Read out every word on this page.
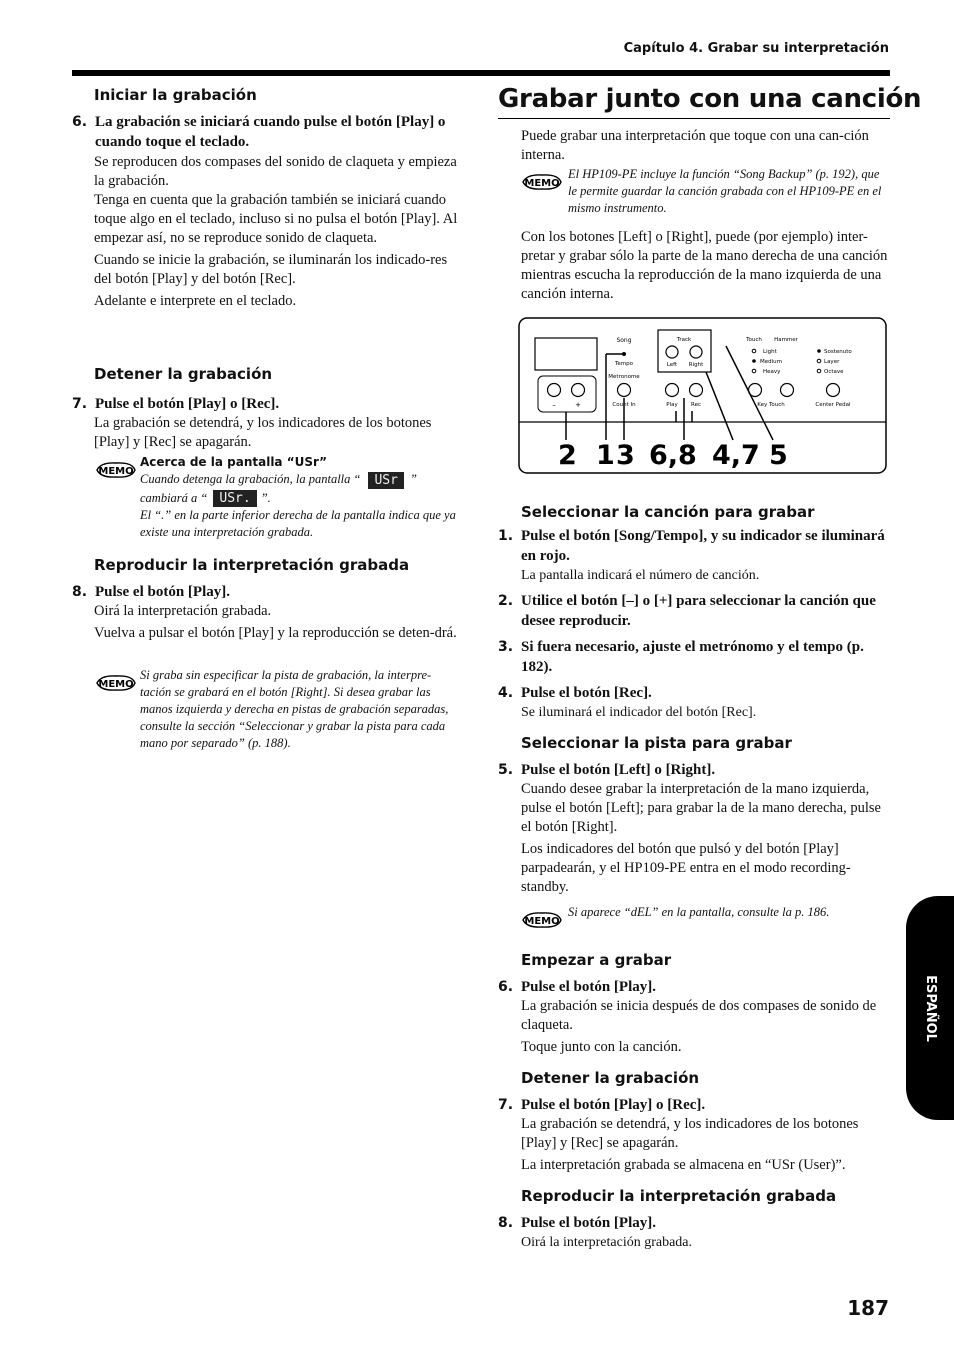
Capítulo 4. Grabar su interpretación
Iniciar la grabación
6. La grabación se iniciará cuando pulse el botón [Play] o cuando toque el teclado.
Se reproducen dos compases del sonido de claqueta y empieza la grabación.
Tenga en cuenta que la grabación también se iniciará cuando toque algo en el teclado, incluso si no pulsa el botón [Play]. Al empezar así, no se reproduce sonido de claqueta.
Cuando se inicie la grabación, se iluminarán los indicado-res del botón [Play] y del botón [Rec].
Adelante e interprete en el teclado.
Detener la grabación
7. Pulse el botón [Play] o [Rec].
La grabación se detendrá, y los indicadores de los botones [Play] y [Rec] se apagarán.
MEMO
Acerca de la pantalla “USr”
Cuando detenga la grabación, la pantalla “ USr ”
cambiará a “ USr. ”.
El “.” en la parte inferior derecha de la pantalla indica que ya existe una interpretación grabada.
Reproducir la interpretación grabada
8. Pulse el botón [Play].
Oirá la interpretación grabada.
Vuelva a pulsar el botón [Play] y la reproducción se deten-drá.
MEMO
Si graba sin especificar la pista de grabación, la interpre-tación se grabará en el botón [Right]. Si desea grabar las manos izquierda y derecha en pistas de grabación separadas, consulte la sección “Seleccionar y grabar la pista para cada mano por separado” (p. 188).
Grabar junto con una canción
Puede grabar una interpretación que toque con una can-ción interna.
MEMO
El HP109-PE incluye la función “Song Backup” (p. 192), que le permite guardar la canción grabada con el HP109-PE en el mismo instrumento.
Con los botones [Left] o [Right], puede (por ejemplo) inter-pretar y grabar sólo la parte de la mano derecha de una canción mientras escucha la reproducción de la mano izquierda de una canción interna.
–	+
Song
Tempo
Metronome
Count In
Track
Left Right
Play Rec
Touch Hammer
Light
Medium
Heavy
Key Touch
Sostenuto
Layer
Octave
Center Pedal
2 1 3 6,8 4,7 5
Seleccionar la canción para grabar
1. Pulse el botón [Song/Tempo], y su indicador se iluminará en rojo.
La pantalla indicará el número de canción.
2. Utilice el botón [–] o [+] para seleccionar la canción que desee reproducir.
3. Si fuera necesario, ajuste el metrónomo y el tempo (p. 182).
4. Pulse el botón [Rec].
Se iluminará el indicador del botón [Rec].
Seleccionar la pista para grabar
5. Pulse el botón [Left] o [Right].
Cuando desee grabar la interpretación de la mano izquierda, pulse el botón [Left]; para grabar la de la mano derecha, pulse el botón [Right].
Los indicadores del botón que pulsó y del botón [Play] parpadearán, y el HP109-PE entra en el modo recording-standby.
MEMO
Si aparece “dEL” en la pantalla, consulte la p. 186.
Empezar a grabar
6. Pulse el botón [Play].
La grabación se inicia después de dos compases de sonido de claqueta.
Toque junto con la canción.
Detener la grabación
7. Pulse el botón [Play] o [Rec].
La grabación se detendrá, y los indicadores de los botones [Play] y [Rec] se apagarán.
La interpretación grabada se almacena en “USr (User)”.
Reproducir la interpretación grabada
8. Pulse el botón [Play].
Oirá la interpretación grabada.
ESPAÑOL
187
